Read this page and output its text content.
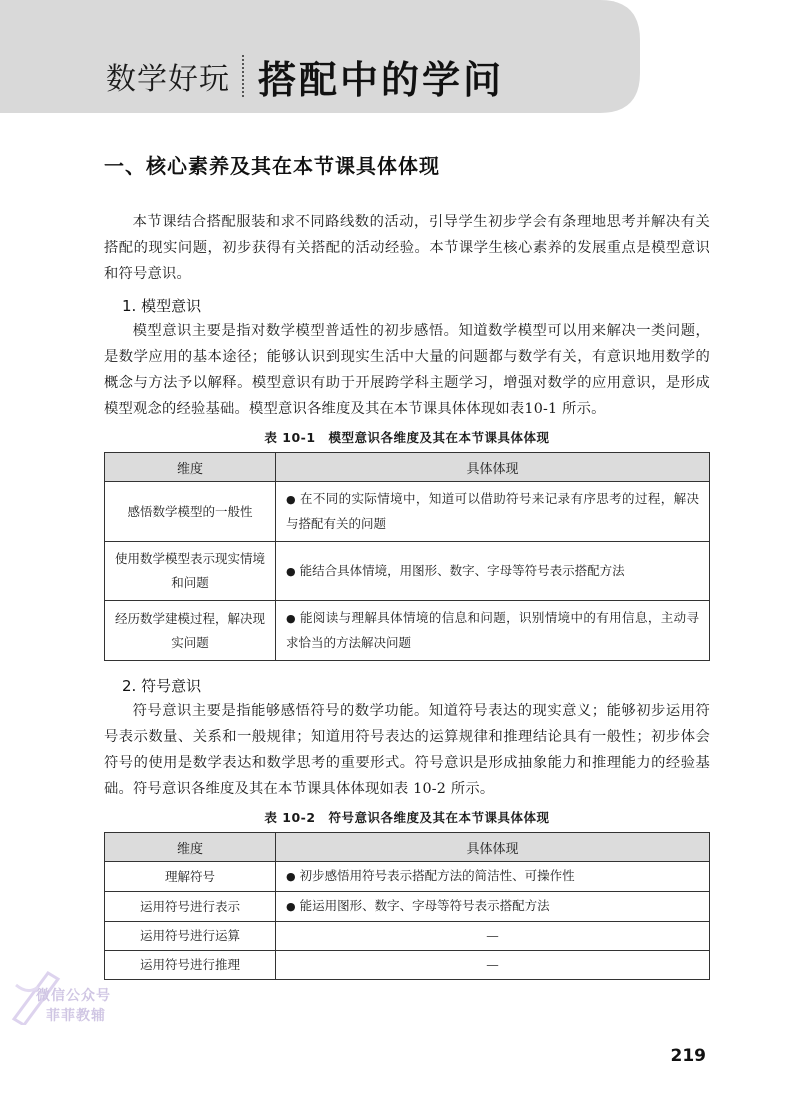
数学好玩 搭配中的学问
一、核心素养及其在本节课具体体现

本节课结合搭配服装和求不同路线数的活动，引导学生初步学会有条理地思考并解决有关搭配的现实问题，初步获得有关搭配的活动经验。本节课学生核心素养的发展重点是模型意识和符号意识。

1. 模型意识

模型意识主要是指对数学模型普适性的初步感悟。知道数学模型可以用来解决一类问题，是数学应用的基本途径；能够认识到现实生活中大量的问题都与数学有关，有意识地用数学的概念与方法予以解释。模型意识有助于开展跨学科主题学习，增强对数学的应用意识，是形成模型观念的经验基础。模型意识各维度及其在本节课具体体现如表10-1 所示。

表 10-1　模型意识各维度及其在本节课具体体现
维度	具体体现
感悟数学模型的一般性	● 在不同的实际情境中，知道可以借助符号来记录有序思考的过程，解决与搭配有关的问题
使用数学模型表示现实情境和问题	● 能结合具体情境，用图形、数字、字母等符号表示搭配方法
经历数学建模过程，解决现实问题	● 能阅读与理解具体情境的信息和问题，识别情境中的有用信息，主动寻求恰当的方法解决问题
2. 符号意识

符号意识主要是指能够感悟符号的数学功能。知道符号表达的现实意义；能够初步运用符号表示数量、关系和一般规律；知道用符号表达的运算规律和推理结论具有一般性；初步体会符号的使用是数学表达和数学思考的重要形式。符号意识是形成抽象能力和推理能力的经验基础。符号意识各维度及其在本节课具体体现如表 10-2 所示。

表 10-2　符号意识各维度及其在本节课具体体现
维度	具体体现
理解符号	● 初步感悟用符号表示搭配方法的简洁性、可操作性
运用符号进行表示	● 能运用图形、数字、字母等符号表示搭配方法
运用符号进行运算	—
运用符号进行推理	—
微信公众号
菲菲教辅
219
